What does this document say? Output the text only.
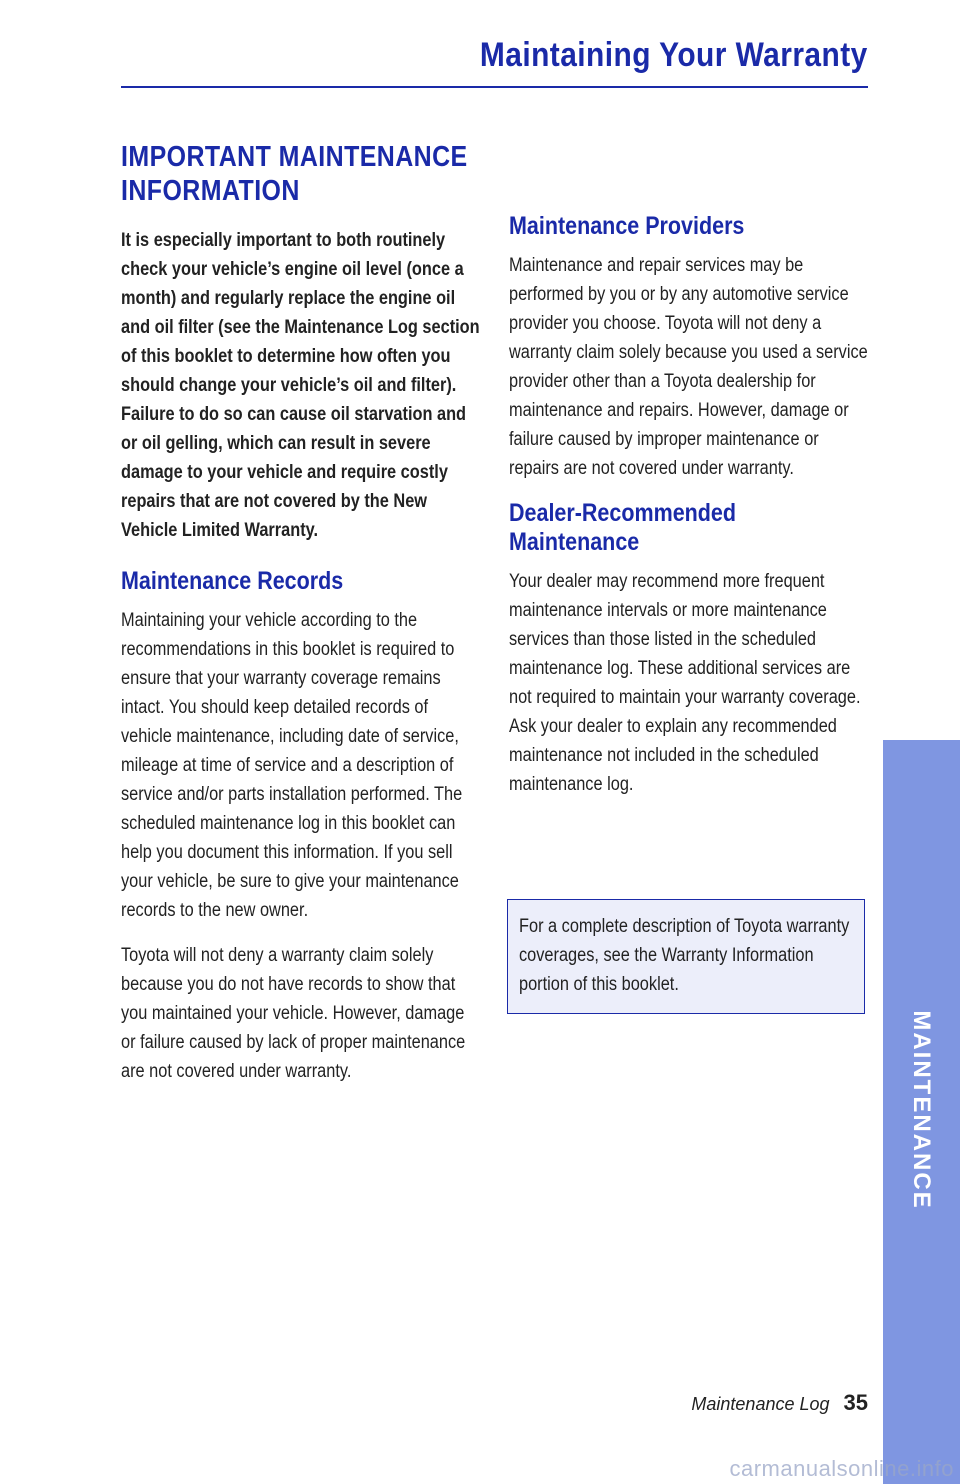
Maintaining Your Warranty
IMPORTANT MAINTENANCE INFORMATION

It is especially important to both routinely check your vehicle’s engine oil level (once a month) and regularly replace the engine oil and oil filter (see the Maintenance Log section of this booklet to determine how often you should change your vehicle’s oil and filter). Failure to do so can cause oil starvation and or oil gelling, which can result in severe damage to your vehicle and require costly repairs that are not covered by the New Vehicle Limited Warranty.

Maintenance Records

Maintaining your vehicle according to the recommendations in this booklet is required to ensure that your warranty coverage remains intact. You should keep detailed records of vehicle maintenance, including date of service, mileage at time of service and a description of service and/or parts installation performed. The scheduled maintenance log in this booklet can help you document this information. If you sell your vehicle, be sure to give your maintenance records to the new owner.

Toyota will not deny a warranty claim solely because you do not have records to show that you maintained your vehicle. However, damage or failure caused by lack of proper maintenance are not covered under warranty.

Maintenance Providers

Maintenance and repair services may be performed by you or by any automotive service provider you choose. Toyota will not deny a warranty claim solely because you used a service provider other than a Toyota dealership for maintenance and repairs. However, damage or failure caused by improper maintenance or repairs are not covered under warranty.

Dealer-Recommended Maintenance

Your dealer may recommend more frequent maintenance intervals or more maintenance services than those listed in the scheduled maintenance log. These additional services are not required to maintain your warranty coverage. Ask your dealer to explain any recommended maintenance not included in the scheduled maintenance log.

For a complete description of Toyota warranty coverages, see the Warranty Information portion of this booklet.
MAINTENANCE
Maintenance Log 35
carmanualsonline.info
